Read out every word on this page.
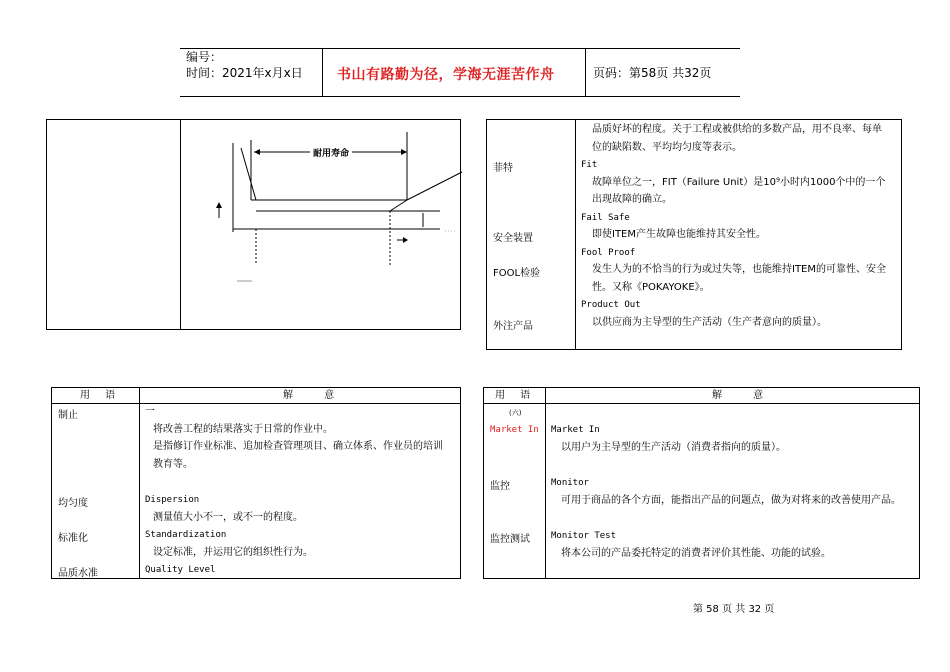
编号：
时间：2021年x月x日 书山有路勤为径，学海无涯苦作舟	页码：第58页 共32页
耐用寿命
品质好坏的程度。关于工程或被供给的多数产品，用不良率、每单
位的缺陷数、平均均匀度等表示。
菲特	Fit
故障单位之一，FIT（Failure Unit）是10⁹小时内1000个中的一个
出现故障的确立。
Fail Safe
安全装置	即使ITEM产生故障也能维持其安全性。
Fool Proof
FOOL检验	发生人为的不恰当的行为或过失等，也能维持ITEM的可靠性、安全
性。又称《POKAYOKE》。
Product Out
外注产品	以供应商为主导型的生产活动（生产者意向的质量）。
用 语	解 意
制止	一
将改善工程的结果落实于日常的作业中。
是指修订作业标准、追加检查管理项目、确立体系、作业员的培训
教育等。
均匀度	Dispersion
测量值大小不一，或不一的程度。
标准化	Standardization
设定标准，并运用它的组织性行为。
品质水准	Quality Level
用 语	解 意
(六)
Market In Market In
以用户为主导型的生产活动（消费者指向的质量）。
监控	Monitor
可用于商品的各个方面，能指出产品的问题点，做为对将来的改善使用产品。
监控测试 Monitor Test
将本公司的产品委托特定的消费者评价其性能、功能的试验。
第 58 页 共 32 页
